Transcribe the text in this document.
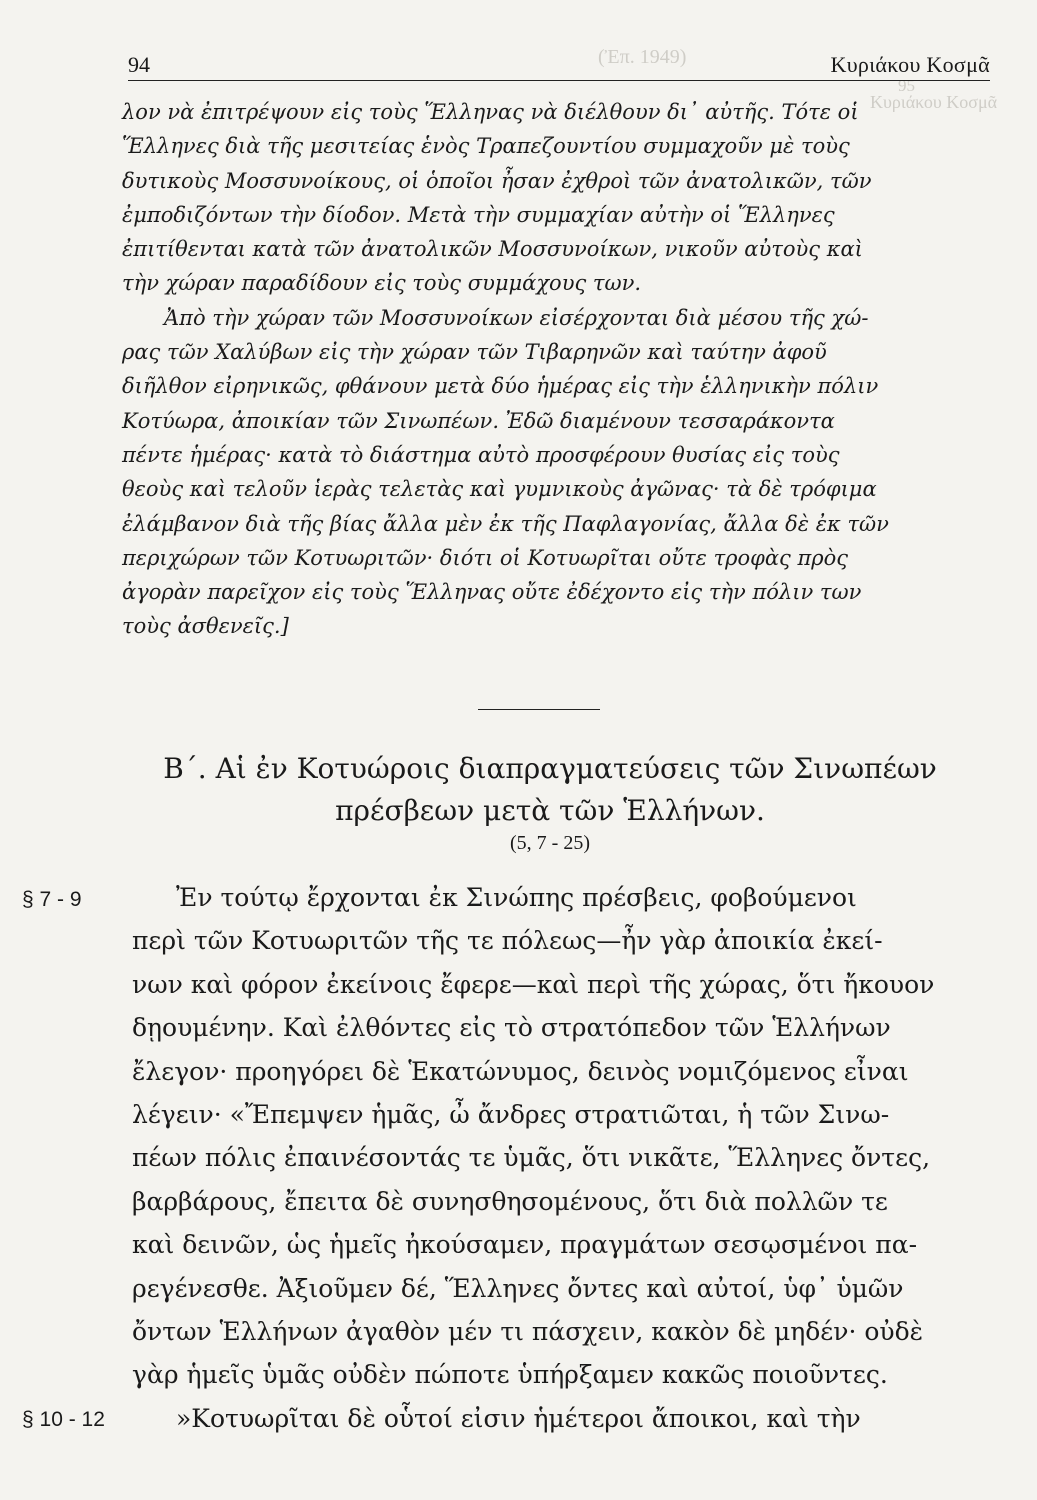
(Ἐπ. 1949)
95
Κυριάκου Κοσμᾶ
94	Κυριάκου Κοσμᾶ
λον νὰ ἐπιτρέψουν εἰς τοὺς Ἕλληνας νὰ διέλθουν δι᾽ αὐτῆς. Τότε οἱ
Ἕλληνες διὰ τῆς μεσιτείας ἑνὸς Τραπεζουντίου συμμαχοῦν μὲ τοὺς
δυτικοὺς Μοσσυνοίκους, οἱ ὁποῖοι ἦσαν ἐχθροὶ τῶν ἀνατολικῶν, τῶν
ἐμποδιζόντων τὴν δίοδον. Μετὰ τὴν συμμαχίαν αὐτὴν οἱ Ἕλληνες
ἐπιτίθενται κατὰ τῶν ἀνατολικῶν Μοσσυνοίκων, νικοῦν αὐτοὺς καὶ
τὴν χώραν παραδίδουν εἰς τοὺς συμμάχους των.
Ἀπὸ τὴν χώραν τῶν Μοσσυνοίκων εἰσέρχονται διὰ μέσου τῆς χώ-
ρας τῶν Χαλύβων εἰς τὴν χώραν τῶν Τιβαρηνῶν καὶ ταύτην ἀφοῦ
διῆλθον εἰρηνικῶς, φθάνουν μετὰ δύο ἡμέρας εἰς τὴν ἑλληνικὴν πόλιν
Κοτύωρα, ἀποικίαν τῶν Σινωπέων. Ἐδῶ διαμένουν τεσσαράκοντα
πέντε ἡμέρας· κατὰ τὸ διάστημα αὐτὸ προσφέρουν θυσίας εἰς τοὺς
θεοὺς καὶ τελοῦν ἱερὰς τελετὰς καὶ γυμνικοὺς ἀγῶνας· τὰ δὲ τρόφιμα
ἐλάμβανον διὰ τῆς βίας ἄλλα μὲν ἐκ τῆς Παφλαγονίας, ἄλλα δὲ ἐκ τῶν
περιχώρων τῶν Κοτυωριτῶν· διότι οἱ Κοτυωρῖται οὔτε τροφὰς πρὸς
ἀγορὰν παρεῖχον εἰς τοὺς Ἕλληνας οὔτε ἐδέχοντο εἰς τὴν πόλιν των
τοὺς ἀσθενεῖς.]
Β΄. Αἱ ἐν Κοτυώροις διαπραγματεύσεις τῶν Σινωπέων
πρέσβεων μετὰ τῶν Ἑλλήνων.
(5, 7 - 25)
§ 7 - 9
§ 10 - 12
Ἐν τούτῳ ἔρχονται ἐκ Σινώπης πρέσβεις, φοβούμενοι
περὶ τῶν Κοτυωριτῶν τῆς τε πόλεως—ἦν γὰρ ἀποικία ἐκεί-
νων καὶ φόρον ἐκείνοις ἔφερε—καὶ περὶ τῆς χώρας, ὅτι ἤκουον
δῃουμένην. Καὶ ἐλθόντες εἰς τὸ στρατόπεδον τῶν Ἑλλήνων
ἔλεγον· προηγόρει δὲ Ἑκατώνυμος, δεινὸς νομιζόμενος εἶναι
λέγειν· «Ἔπεμψεν ἡμᾶς, ὦ ἄνδρες στρατιῶται, ἡ τῶν Σινω-
πέων πόλις ἐπαινέσοντάς τε ὑμᾶς, ὅτι νικᾶτε, Ἕλληνες ὄντες,
βαρβάρους, ἔπειτα δὲ συνησθησομένους, ὅτι διὰ πολλῶν τε
καὶ δεινῶν, ὡς ἡμεῖς ἠκούσαμεν, πραγμάτων σεσῳσμένοι πα-
ρεγένεσθε. Ἀξιοῦμεν δέ, Ἕλληνες ὄντες καὶ αὐτοί, ὑφ᾽ ὑμῶν
ὄντων Ἑλλήνων ἀγαθὸν μέν τι πάσχειν, κακὸν δὲ μηδέν· οὐδὲ
γὰρ ἡμεῖς ὑμᾶς οὐδὲν πώποτε ὑπήρξαμεν κακῶς ποιοῦντες.
»Κοτυωρῖται δὲ οὗτοί εἰσιν ἡμέτεροι ἄποικοι, καὶ τὴν
